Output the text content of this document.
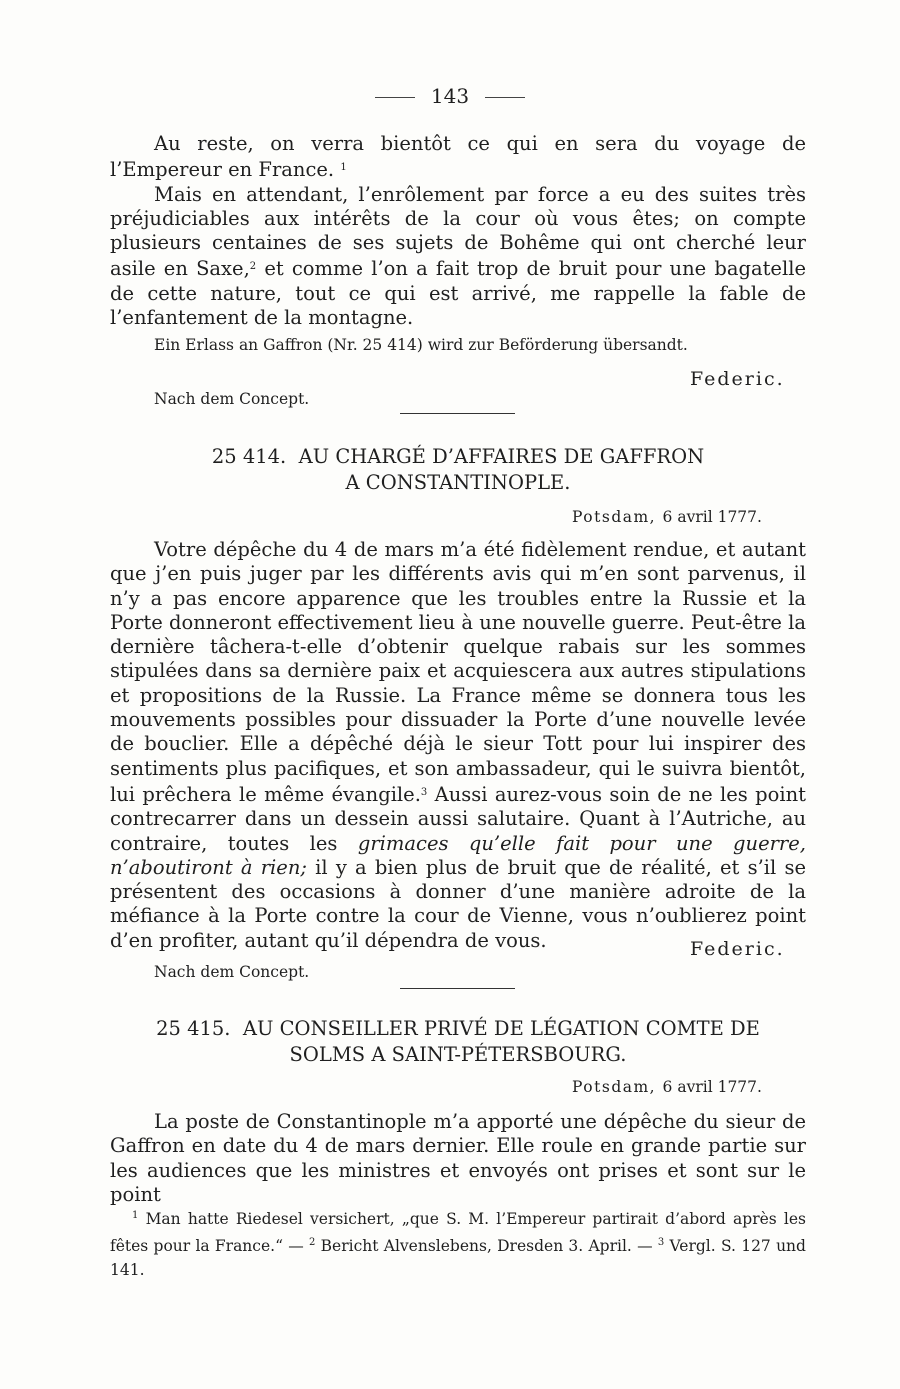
143

Au reste, on verra bientôt ce qui en sera du voyage de l’Empereur en France. $^1$

Mais en attendant, l’enrôlement par force a eu des suites très préjudiciables aux intérêts de la cour où vous êtes; on compte plusieurs centaines de ses sujets de Bohême qui ont cherché leur asile en Saxe,$^2$ et comme l’on a fait trop de bruit pour une bagatelle de cette nature, tout ce qui est arrivé, me rappelle la fable de l’enfantement de la montagne.

Ein Erlass an Gaffron (Nr. 25 414) wird zur Beförderung übersandt.
Federic.
Nach dem Concept.
25 414. AU CHARGÉ D’AFFAIRES DE GAFFRON
A CONSTANTINOPLE.
Potsdam, 6 avril 1777.

Votre dépêche du 4 de mars m’a été fidèlement rendue, et autant que j’en puis juger par les différents avis qui m’en sont parvenus, il n’y a pas encore apparence que les troubles entre la Russie et la Porte donneront effectivement lieu à une nouvelle guerre. Peut-être la dernière tâchera-t-elle d’obtenir quelque rabais sur les sommes stipulées dans sa dernière paix et acquiescera aux autres stipulations et propositions de la Russie. La France même se donnera tous les mouvements possibles pour dissuader la Porte d’une nouvelle levée de bouclier. Elle a dépêché déjà le sieur Tott pour lui inspirer des sentiments plus pacifiques, et son ambassadeur, qui le suivra bientôt, lui prêchera le même évangile.$^3$ Aussi aurez-vous soin de ne les point contrecarrer dans un dessein aussi salutaire. Quant à l’Autriche, au contraire, toutes les grimaces qu’elle fait pour une guerre, n’aboutiront à rien; il y a bien plus de bruit que de réalité, et s’il se présentent des occasions à donner d’une manière adroite de la méfiance à la Porte contre la cour de Vienne, vous n’oublierez point d’en profiter, autant qu’il dépendra de vous.	Federic.
Nach dem Concept.
25 415. AU CONSEILLER PRIVÉ DE LÉGATION COMTE DE
SOLMS A SAINT-PÉTERSBOURG.
Potsdam, 6 avril 1777.

La poste de Constantinople m’a apporté une dépêche du sieur de Gaffron en date du 4 de mars dernier. Elle roule en grande partie sur les audiences que les ministres et envoyés ont prises et sont sur le point

$^1$ Man hatte Riedesel versichert, „que S. M. l’Empereur partirait d’abord après les fêtes pour la France.“ — $^2$ Bericht Alvenslebens, Dresden 3. April. — $^3$ Vergl. S. 127 und 141.
